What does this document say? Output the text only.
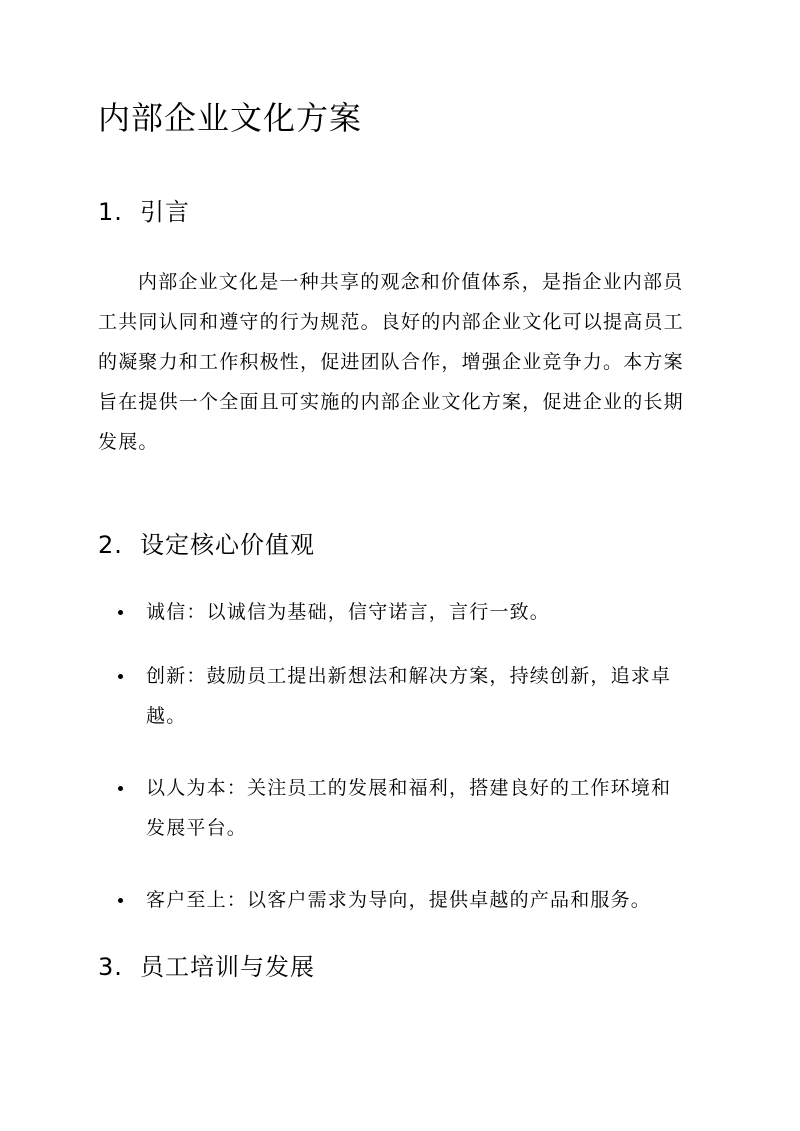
内部企业文化方案
1. 引言
内部企业文化是一种共享的观念和价值体系，是指企业内部员
工共同认同和遵守的行为规范。良好的内部企业文化可以提高员工
的凝聚力和工作积极性，促进团队合作，增强企业竞争力。本方案
旨在提供一个全面且可实施的内部企业文化方案，促进企业的长期
发展。
2. 设定核心价值观
诚信：以诚信为基础，信守诺言，言行一致。
创新：鼓励员工提出新想法和解决方案，持续创新，追求卓
越。
以人为本：关注员工的发展和福利，搭建良好的工作环境和
发展平台。
客户至上：以客户需求为导向，提供卓越的产品和服务。
3. 员工培训与发展
